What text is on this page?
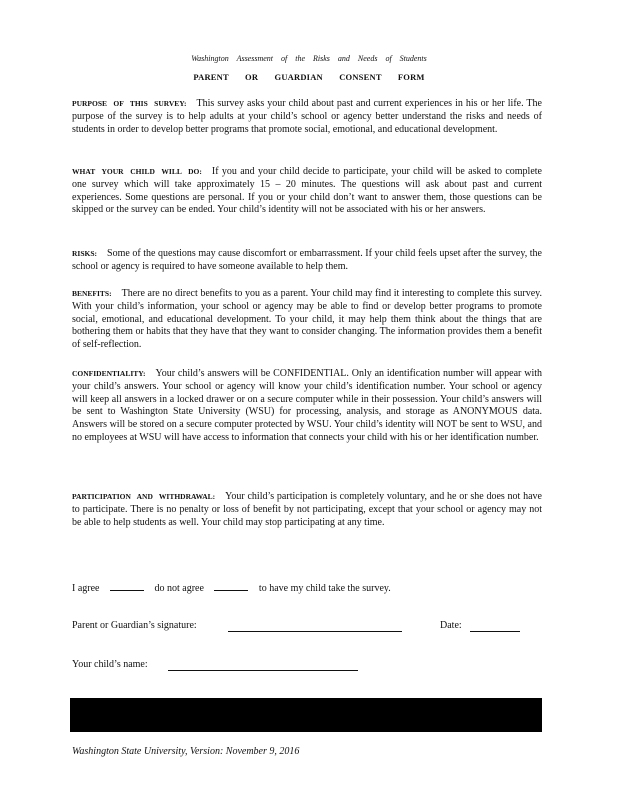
Washington Assessment of the Risks and Needs of Students
PARENT OR GUARDIAN CONSENT FORM
PURPOSE OF THIS SURVEY: This survey asks your child about past and current experiences in his or her life. The purpose of the survey is to help adults at your child’s school or agency better understand the risks and needs of students in order to develop better programs that promote social, emotional, and educational development.
WHAT YOUR CHILD WILL DO: If you and your child decide to participate, your child will be asked to complete one survey which will take approximately 15 – 20 minutes. The questions will ask about past and current experiences. Some questions are personal. If you or your child don’t want to answer them, those questions can be skipped or the survey can be ended. Your child’s identity will not be associated with his or her answers.
RISKS: Some of the questions may cause discomfort or embarrassment. If your child feels upset after the survey, the school or agency is required to have someone available to help them.
BENEFITS: There are no direct benefits to you as a parent. Your child may find it interesting to complete this survey. With your child’s information, your school or agency may be able to find or develop better programs to promote social, emotional, and educational development. To your child, it may help them think about the things that are bothering them or habits that they have that they want to consider changing. The information provides them a benefit of self-reflection.
CONFIDENTIALITY: Your child’s answers will be CONFIDENTIAL. Only an identification number will appear with your child’s answers. Your school or agency will know your child’s identification number. Your school or agency will keep all answers in a locked drawer or on a secure computer while in their possession. Your child’s answers will be sent to Washington State University (WSU) for processing, analysis, and storage as ANONYMOUS data. Answers will be stored on a secure computer protected by WSU. Your child’s identity will NOT be sent to WSU, and no employees at WSU will have access to information that connects your child with his or her identification number.
PARTICIPATION AND WITHDRAWAL: Your child’s participation is completely voluntary, and he or she does not have to participate. There is no penalty or loss of benefit by not participating, except that your school or agency may not be able to help students as well. Your child may stop participating at any time.
I agree	do not agree	to have my child take the survey.
Parent or Guardian’s signature:	Date:
Your child’s name:
Washington State University, Version: November 9, 2016
